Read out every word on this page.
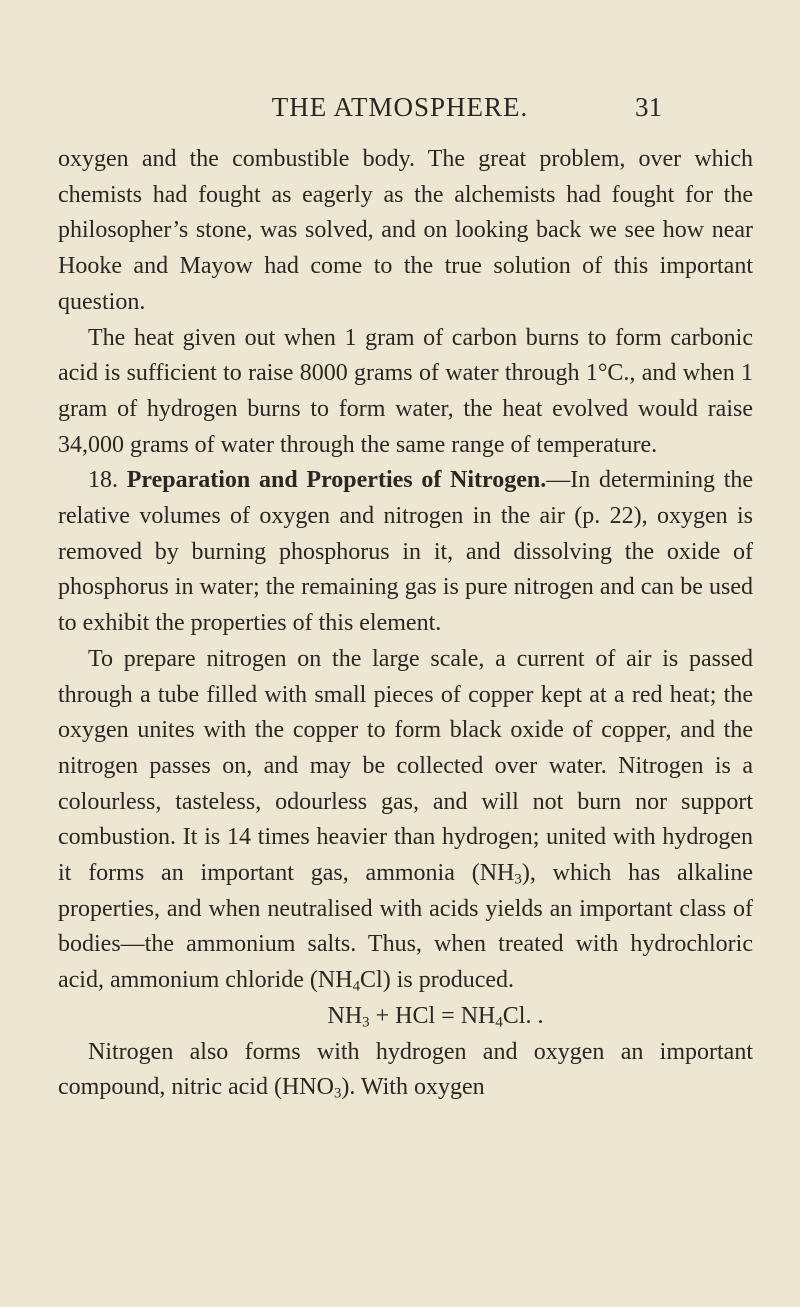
THE ATMOSPHERE.	31

oxygen and the combustible body. The great problem, over which chemists had fought as eagerly as the alchemists had fought for the philosopher’s stone, was solved, and on looking back we see how near Hooke and Mayow had come to the true solution of this important question.

The heat given out when 1 gram of carbon burns to form carbonic acid is sufficient to raise 8000 grams of water through 1°C., and when 1 gram of hydrogen burns to form water, the heat evolved would raise 34,000 grams of water through the same range of temperature.

18. Preparation and Properties of Nitrogen.—In determining the relative volumes of oxygen and nitrogen in the air (p. 22), oxygen is removed by burning phosphorus in it, and dissolving the oxide of phosphorus in water; the remaining gas is pure nitrogen and can be used to exhibit the properties of this element.

To prepare nitrogen on the large scale, a current of air is passed through a tube filled with small pieces of copper kept at a red heat; the oxygen unites with the copper to form black oxide of copper, and the nitrogen passes on, and may be collected over water. Nitrogen is a colourless, tasteless, odourless gas, and will not burn nor support combustion. It is 14 times heavier than hydrogen; united with hydrogen it forms an important gas, ammonia $(NH_3)$, which has alkaline properties, and when neutralised with acids yields an important class of bodies—the ammonium salts. Thus, when treated with hydrochloric acid, ammonium chloride $(NH_4Cl)$ is produced.

$NH_3$ + HCl = $NH_4Cl$. .

Nitrogen also forms with hydrogen and oxygen an important compound, nitric acid $(HNO_3)$. With oxygen
